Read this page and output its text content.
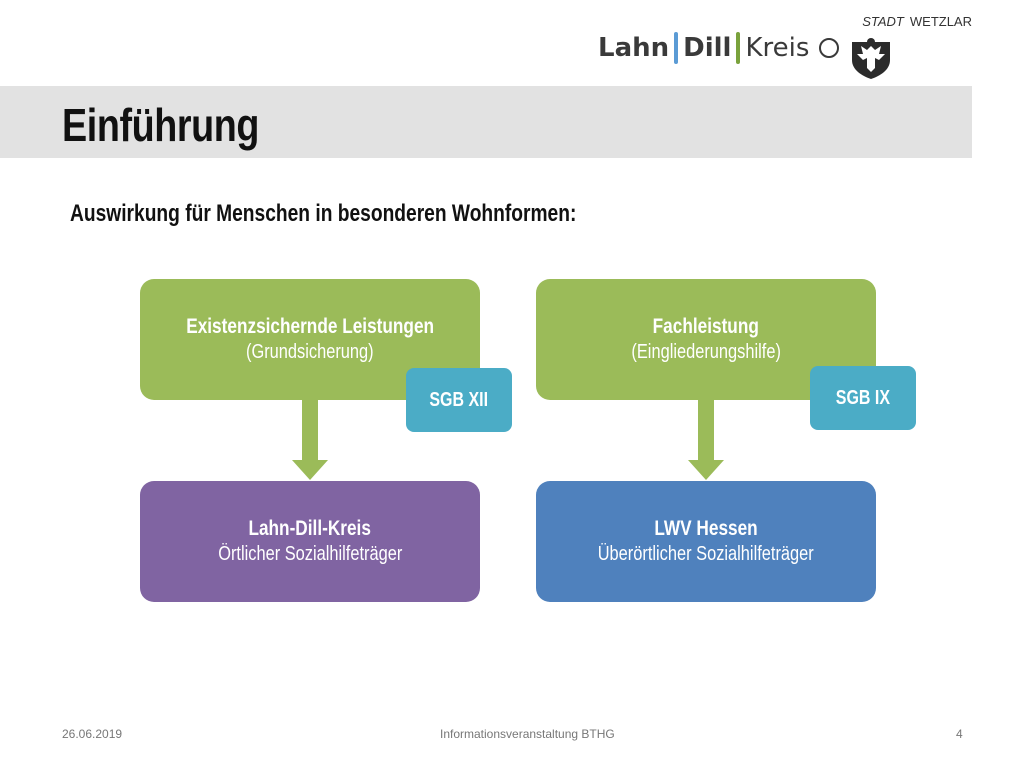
STADT WETZLAR
Lahn Dill Kreis
Einführung
Auswirkung für Menschen in besonderen Wohnformen:
Existenzsichernde Leistungen
(Grundsicherung)
SGB XII
Lahn-Dill-Kreis
Örtlicher Sozialhilfeträger
Fachleistung
(Eingliederungshilfe)
SGB IX
LWV Hessen
Überörtlicher Sozialhilfeträger
26.06.2019	Informationsveranstaltung BTHG	4
